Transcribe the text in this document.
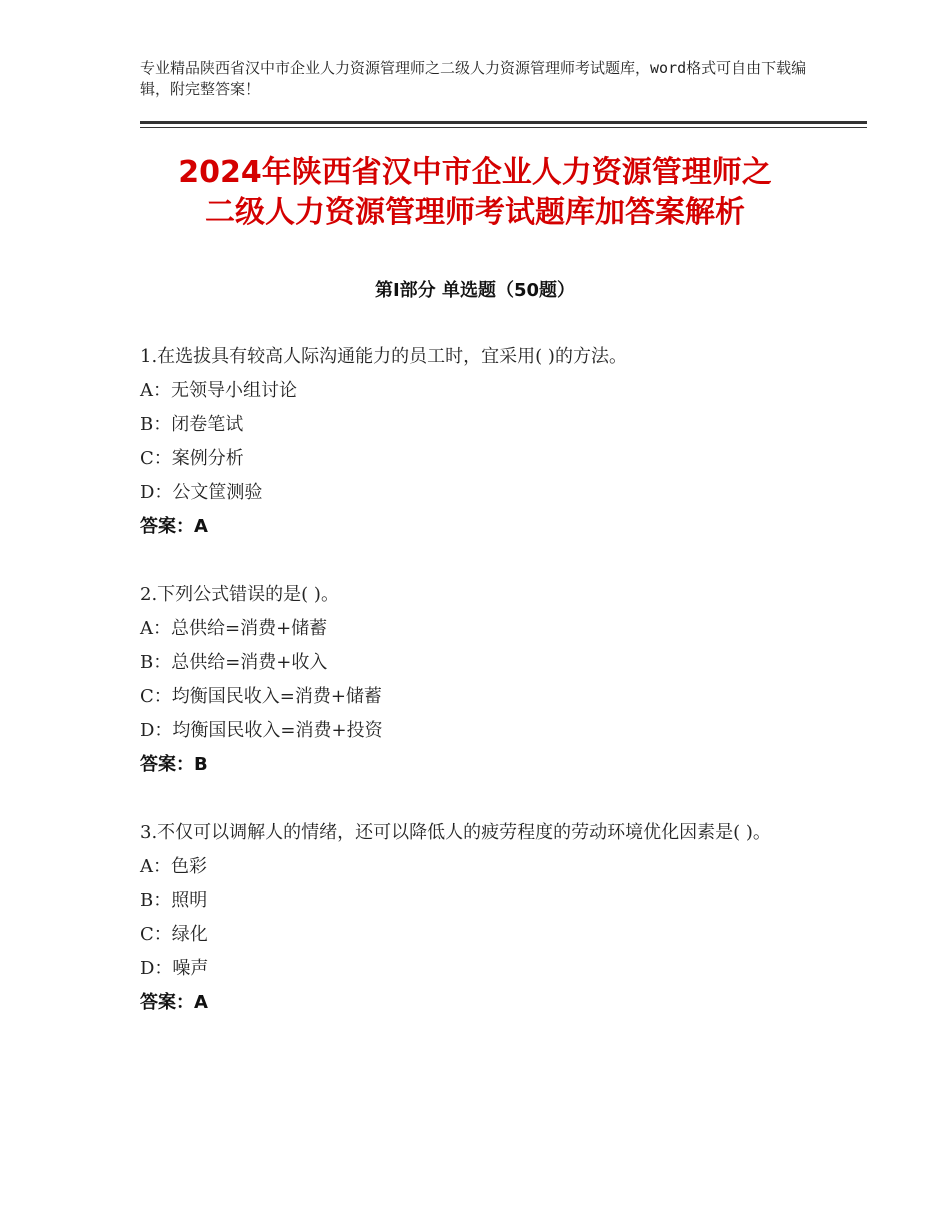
专业精品陕西省汉中市企业人力资源管理师之二级人力资源管理师考试题库，word格式可自由下载编辑，附完整答案！
2024年陕西省汉中市企业人力资源管理师之
二级人力资源管理师考试题库加答案解析
第Ⅰ部分 单选题（50题）
1.在选拔具有较高人际沟通能力的员工时，宜采用( )的方法。
A：无领导小组讨论
B：闭卷笔试
C：案例分析
D：公文筐测验
答案：A
2.下列公式错误的是( )。
A：总供给=消费+储蓄
B：总供给=消费+收入
C：均衡国民收入=消费+储蓄
D：均衡国民收入=消费+投资
答案：B
3.不仅可以调解人的情绪，还可以降低人的疲劳程度的劳动环境优化因素是( )。
A：色彩
B：照明
C：绿化
D：噪声
答案：A
